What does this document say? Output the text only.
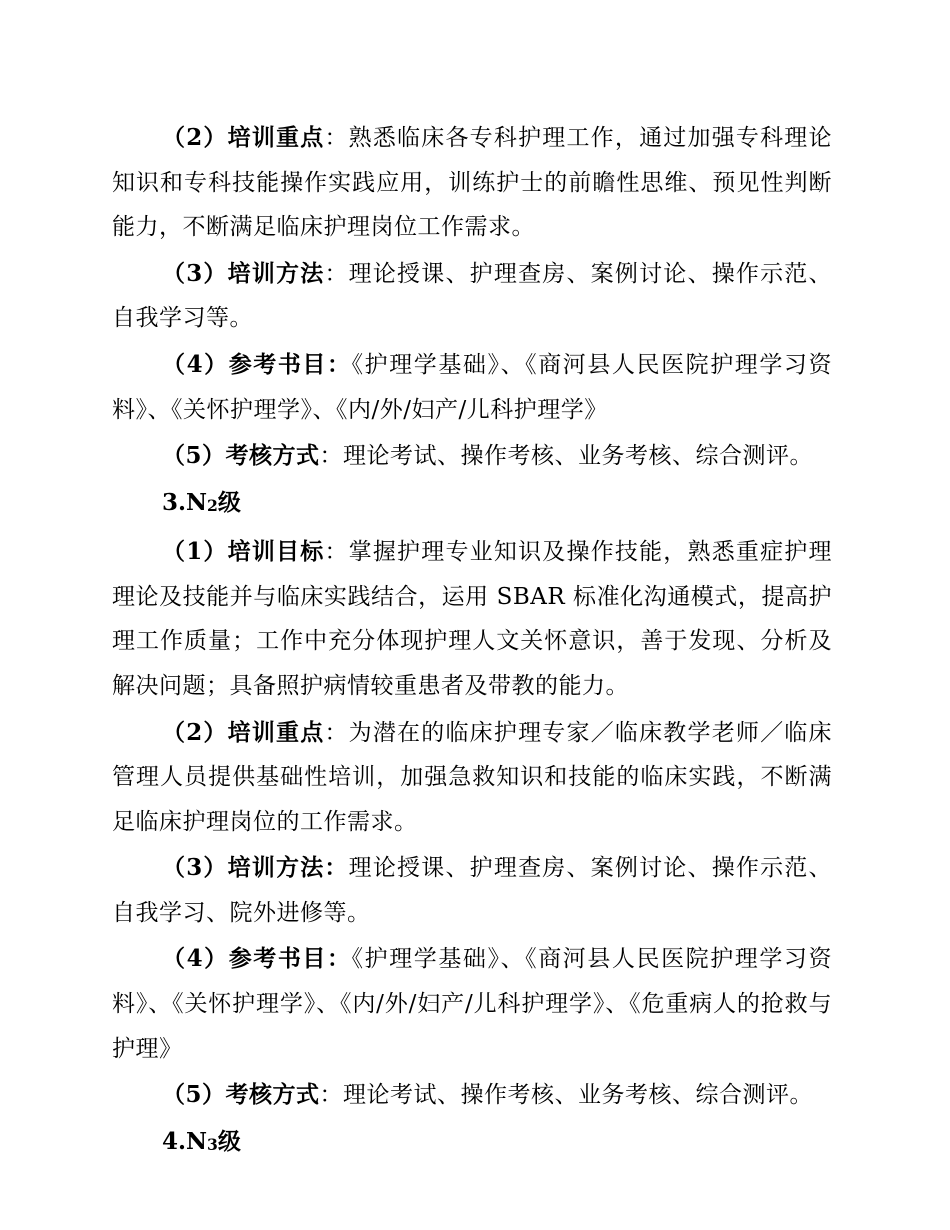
（2）培训重点：熟悉临床各专科护理工作，通过加强专科理论知识和专科技能操作实践应用，训练护士的前瞻性思维、预见性判断能力，不断满足临床护理岗位工作需求。

（3）培训方法：理论授课、护理查房、案例讨论、操作示范、自我学习等。

（4）参考书目：《护理学基础》、《商河县人民医院护理学习资料》、《关怀护理学》、《内/外/妇产/儿科护理学》

（5）考核方式：理论考试、操作考核、业务考核、综合测评。

3.N2级

（1）培训目标：掌握护理专业知识及操作技能，熟悉重症护理理论及技能并与临床实践结合，运用 SBAR 标准化沟通模式，提高护理工作质量；工作中充分体现护理人文关怀意识，善于发现、分析及解决问题；具备照护病情较重患者及带教的能力。

（2）培训重点：为潜在的临床护理专家／临床教学老师／临床管理人员提供基础性培训，加强急救知识和技能的临床实践，不断满足临床护理岗位的工作需求。

（3）培训方法：理论授课、护理查房、案例讨论、操作示范、自我学习、院外进修等。

（4）参考书目：《护理学基础》、《商河县人民医院护理学习资料》、《关怀护理学》、《内/外/妇产/儿科护理学》、《危重病人的抢救与护理》

（5）考核方式：理论考试、操作考核、业务考核、综合测评。

4.N3级
